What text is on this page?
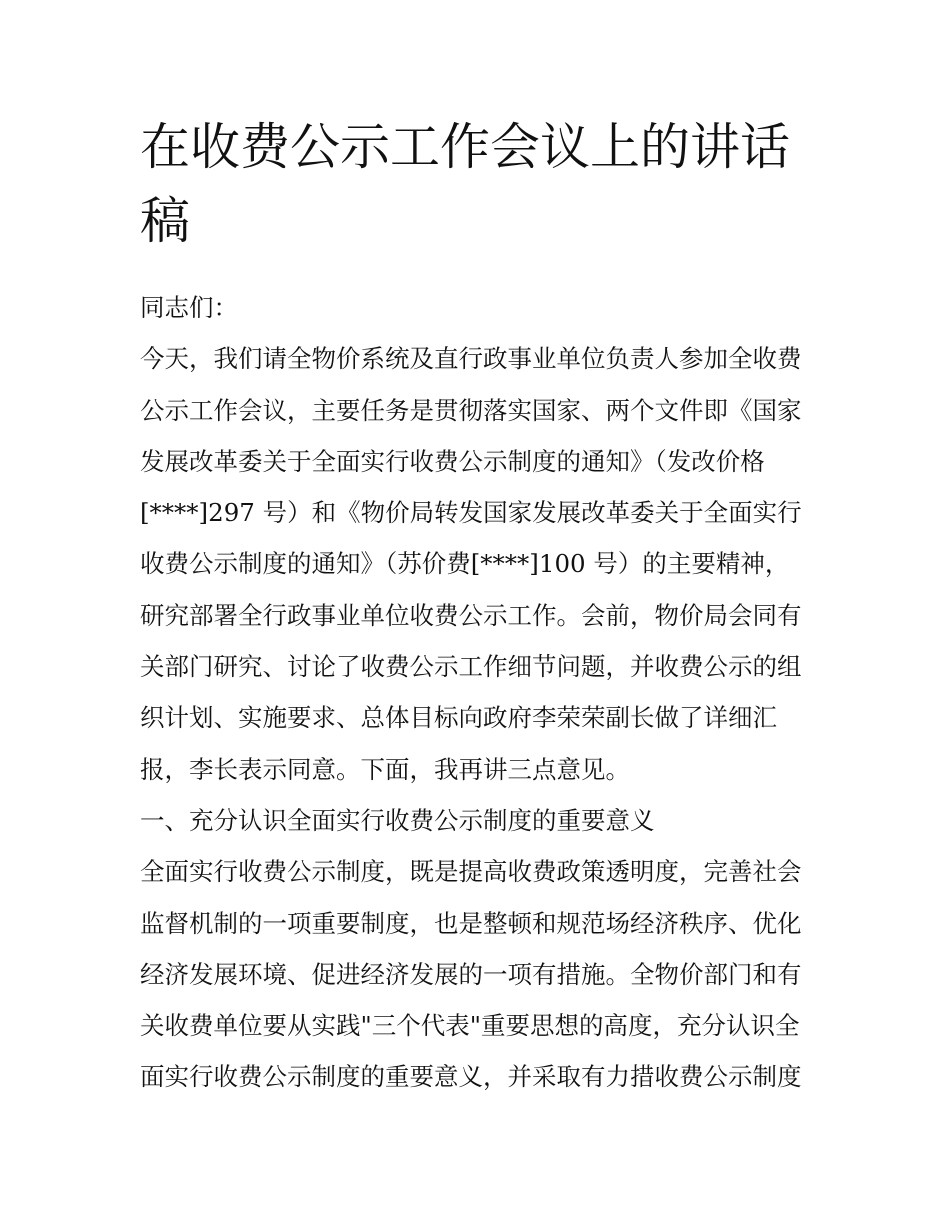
在收费公示工作会议上的讲话
稿
同志们：
今天，我们请全物价系统及直行政事业单位负责人参加全收费
公示工作会议，主要任务是贯彻落实国家、两个文件即《国家
发展改革委关于全面实行收费公示制度的通知》（发改价格
[****]297 号）和《物价局转发国家发展改革委关于全面实行
收费公示制度的通知》（苏价费[****]100 号）的主要精神，
研究部署全行政事业单位收费公示工作。会前，物价局会同有
关部门研究、讨论了收费公示工作细节问题，并收费公示的组
织计划、实施要求、总体目标向政府李荣荣副长做了详细汇
报，李长表示同意。下面，我再讲三点意见。
一、充分认识全面实行收费公示制度的重要意义
全面实行收费公示制度，既是提高收费政策透明度，完善社会
监督机制的一项重要制度，也是整顿和规范场经济秩序、优化
经济发展环境、促进经济发展的一项有措施。全物价部门和有
关收费单位要从实践"三个代表"重要思想的高度，充分认识全
面实行收费公示制度的重要意义，并采取有力措收费公示制度
